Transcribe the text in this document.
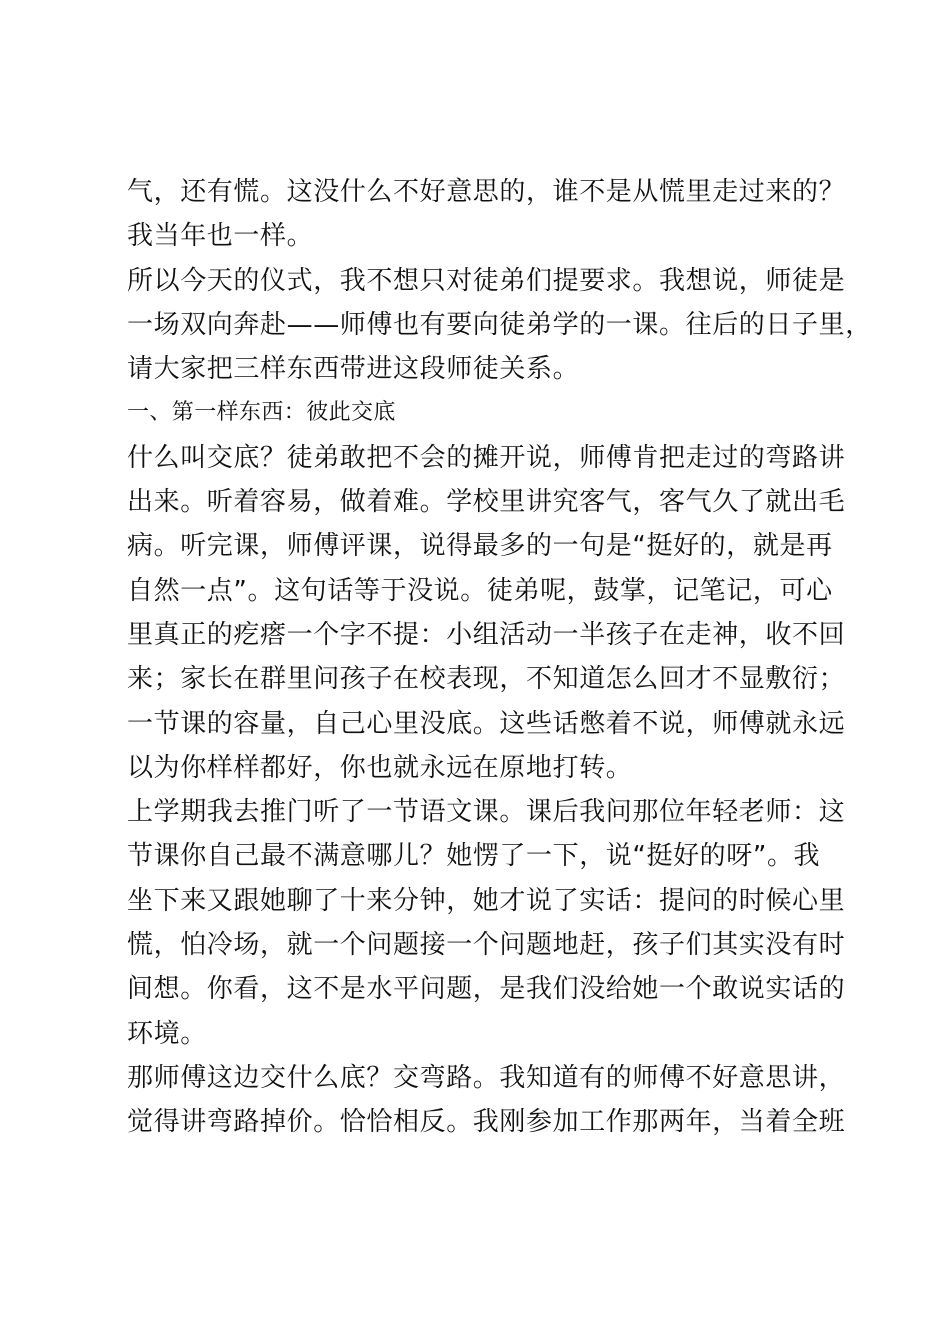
气，还有慌。这没什么不好意思的，谁不是从慌里走过来的？
我当年也一样。
所以今天的仪式，我不想只对徒弟们提要求。我想说，师徒是
一场双向奔赴——师傅也有要向徒弟学的一课。往后的日子里，
请大家把三样东西带进这段师徒关系。
一、第一样东西：彼此交底
什么叫交底？徒弟敢把不会的摊开说，师傅肯把走过的弯路讲
出来。听着容易，做着难。学校里讲究客气，客气久了就出毛
病。听完课，师傅评课，说得最多的一句是“挺好的，就是再
自然一点”。这句话等于没说。徒弟呢，鼓掌，记笔记，可心
里真正的疙瘩一个字不提：小组活动一半孩子在走神，收不回
来；家长在群里问孩子在校表现，不知道怎么回才不显敷衍；
一节课的容量，自己心里没底。这些话憋着不说，师傅就永远
以为你样样都好，你也就永远在原地打转。
上学期我去推门听了一节语文课。课后我问那位年轻老师：这
节课你自己最不满意哪儿？她愣了一下，说“挺好的呀”。我
坐下来又跟她聊了十来分钟，她才说了实话：提问的时候心里
慌，怕冷场，就一个问题接一个问题地赶，孩子们其实没有时
间想。你看，这不是水平问题，是我们没给她一个敢说实话的
环境。
那师傅这边交什么底？交弯路。我知道有的师傅不好意思讲，
觉得讲弯路掉价。恰恰相反。我刚参加工作那两年，当着全班
